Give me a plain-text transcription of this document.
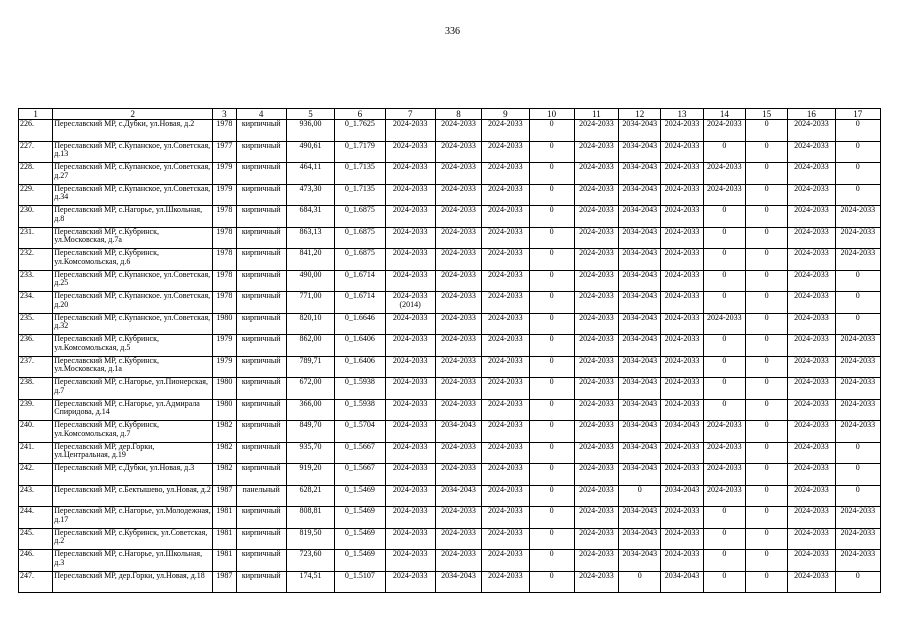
336
1	2	3	4	5	6	7	8	9	10	11	12	13	14	15	16	17
226.	Переславский МР, с.Дубки, ул.Новая, д.2	1978	кирпичный	936,00	0_1.7625	2024-2033	2024-2033	2024-2033	0	2024-2033	2034-2043	2024-2033	2024-2033	0	2024-2033	0
227.	Переславский МР, с.Купанское, ул.Советская, д.13	1977	кирпичный	490,61	0_1.7179	2024-2033	2024-2033	2024-2033	0	2024-2033	2034-2043	2024-2033	0	0	2024-2033	0
228.	Переславский МР, с.Купанское, ул.Советская, д.27	1979	кирпичный	464,11	0_1.7135	2024-2033	2024-2033	2024-2033	0	2024-2033	2034-2043	2024-2033	2024-2033	0	2024-2033	0
229.	Переславский МР, с.Купанское, ул.Советская, д.34	1979	кирпичный	473,30	0_1.7135	2024-2033	2024-2033	2024-2033	0	2024-2033	2034-2043	2024-2033	2024-2033	0	2024-2033	0
230.	Переславский МР, с.Нагорье, ул.Школьная, д.8	1978	кирпичный	684,31	0_1.6875	2024-2033	2024-2033	2024-2033	0	2024-2033	2034-2043	2024-2033	0	0	2024-2033	2024-2033
231.	Переславский МР, с.Кубринск, ул.Московская, д.7а	1978	кирпичный	863,13	0_1.6875	2024-2033	2024-2033	2024-2033	0	2024-2033	2034-2043	2024-2033	0	0	2024-2033	2024-2033
232.	Переславский МР, с.Кубринск, ул.Комсомольская, д.6	1978	кирпичный	841,20	0_1.6875	2024-2033	2024-2033	2024-2033	0	2024-2033	2034-2043	2024-2033	0	0	2024-2033	2024-2033
233.	Переславский МР, с.Купанское, ул.Советская, д.25	1978	кирпичный	490,00	0_1.6714	2024-2033	2024-2033	2024-2033	0	2024-2033	2034-2043	2024-2033	0	0	2024-2033	0
234.	Переславский МР, с.Купанское. ул.Советская, д.20	1978	кирпичный	771,00	0_1.6714	2024-2033 (2014)	2024-2033	2024-2033	0	2024-2033	2034-2043	2024-2033	0	0	2024-2033	0
235.	Переславский МР, с.Купанское, ул.Советская, д.32	1980	кирпичный	820,10	0_1.6646	2024-2033	2024-2033	2024-2033	0	2024-2033	2034-2043	2024-2033	2024-2033	0	2024-2033	0
236.	Переславский МР, с.Кубринск, ул.Комсомольская, д.5	1979	кирпичный	862,00	0_1.6406	2024-2033	2024-2033	2024-2033	0	2024-2033	2034-2043	2024-2033	0	0	2024-2033	2024-2033
237.	Переславский МР, с.Кубринск, ул.Московская, д.1а	1979	кирпичный	789,71	0_1.6406	2024-2033	2024-2033	2024-2033	0	2024-2033	2034-2043	2024-2033	0	0	2024-2033	2024-2033
238.	Переславский МР, с.Нагорье, ул.Пионерская, д.7	1980	кирпичный	672,00	0_1.5938	2024-2033	2024-2033	2024-2033	0	2024-2033	2034-2043	2024-2033	0	0	2024-2033	2024-2033
239.	Переславский МР, с.Нагорье, ул.Адмирала Спиридова, д.14	1980	кирпичный	366,00	0_1.5938	2024-2033	2024-2033	2024-2033	0	2024-2033	2034-2043	2024-2033	0	0	2024-2033	2024-2033
240.	Переславский МР, с.Кубринск, ул.Комсомольская, д.7	1982	кирпичный	849,70	0_1.5704	2024-2033	2034-2043	2024-2033	0	2024-2033	2034-2043	2034-2043	2024-2033	0	2024-2033	2024-2033
241.	Переславский МР, дер.Горки, ул.Центральная, д.19	1982	кирпичный	935,70	0_1.5667	2024-2033	2024-2033	2024-2033	0	2024-2033	2034-2043	2024-2033	2024-2033	0	2024-2033	0
242.	Переславский МР, с.Дубки, ул.Новая, д.3	1982	кирпичный	919,20	0_1.5667	2024-2033	2024-2033	2024-2033	0	2024-2033	2034-2043	2024-2033	2024-2033	0	2024-2033	0
243.	Переславский МР, с.Бектышево, ул.Новая, д.2	1987	панельный	628,21	0_1.5469	2024-2033	2034-2043	2024-2033	0	2024-2033	0	2034-2043	2024-2033	0	2024-2033	0
244.	Переславский МР, с.Нагорье, ул.Молодежная, д.17	1981	кирпичный	808,81	0_1.5469	2024-2033	2024-2033	2024-2033	0	2024-2033	2034-2043	2024-2033	0	0	2024-2033	2024-2033
245.	Переславский МР, с.Кубринск, ул.Советская, д.2	1981	кирпичный	819,50	0_1.5469	2024-2033	2024-2033	2024-2033	0	2024-2033	2034-2043	2024-2033	0	0	2024-2033	2024-2033
246.	Переславский МР, с.Нагорье, ул.Школьная, д.3	1981	кирпичный	723,60	0_1.5469	2024-2033	2024-2033	2024-2033	0	2024-2033	2034-2043	2024-2033	0	0	2024-2033	2024-2033
247.	Переславский МР, дер.Горки, ул.Новая, д.18	1987	кирпичный	174,51	0_1.5107	2024-2033	2034-2043	2024-2033	0	2024-2033	0	2034-2043	0	0	2024-2033	0
